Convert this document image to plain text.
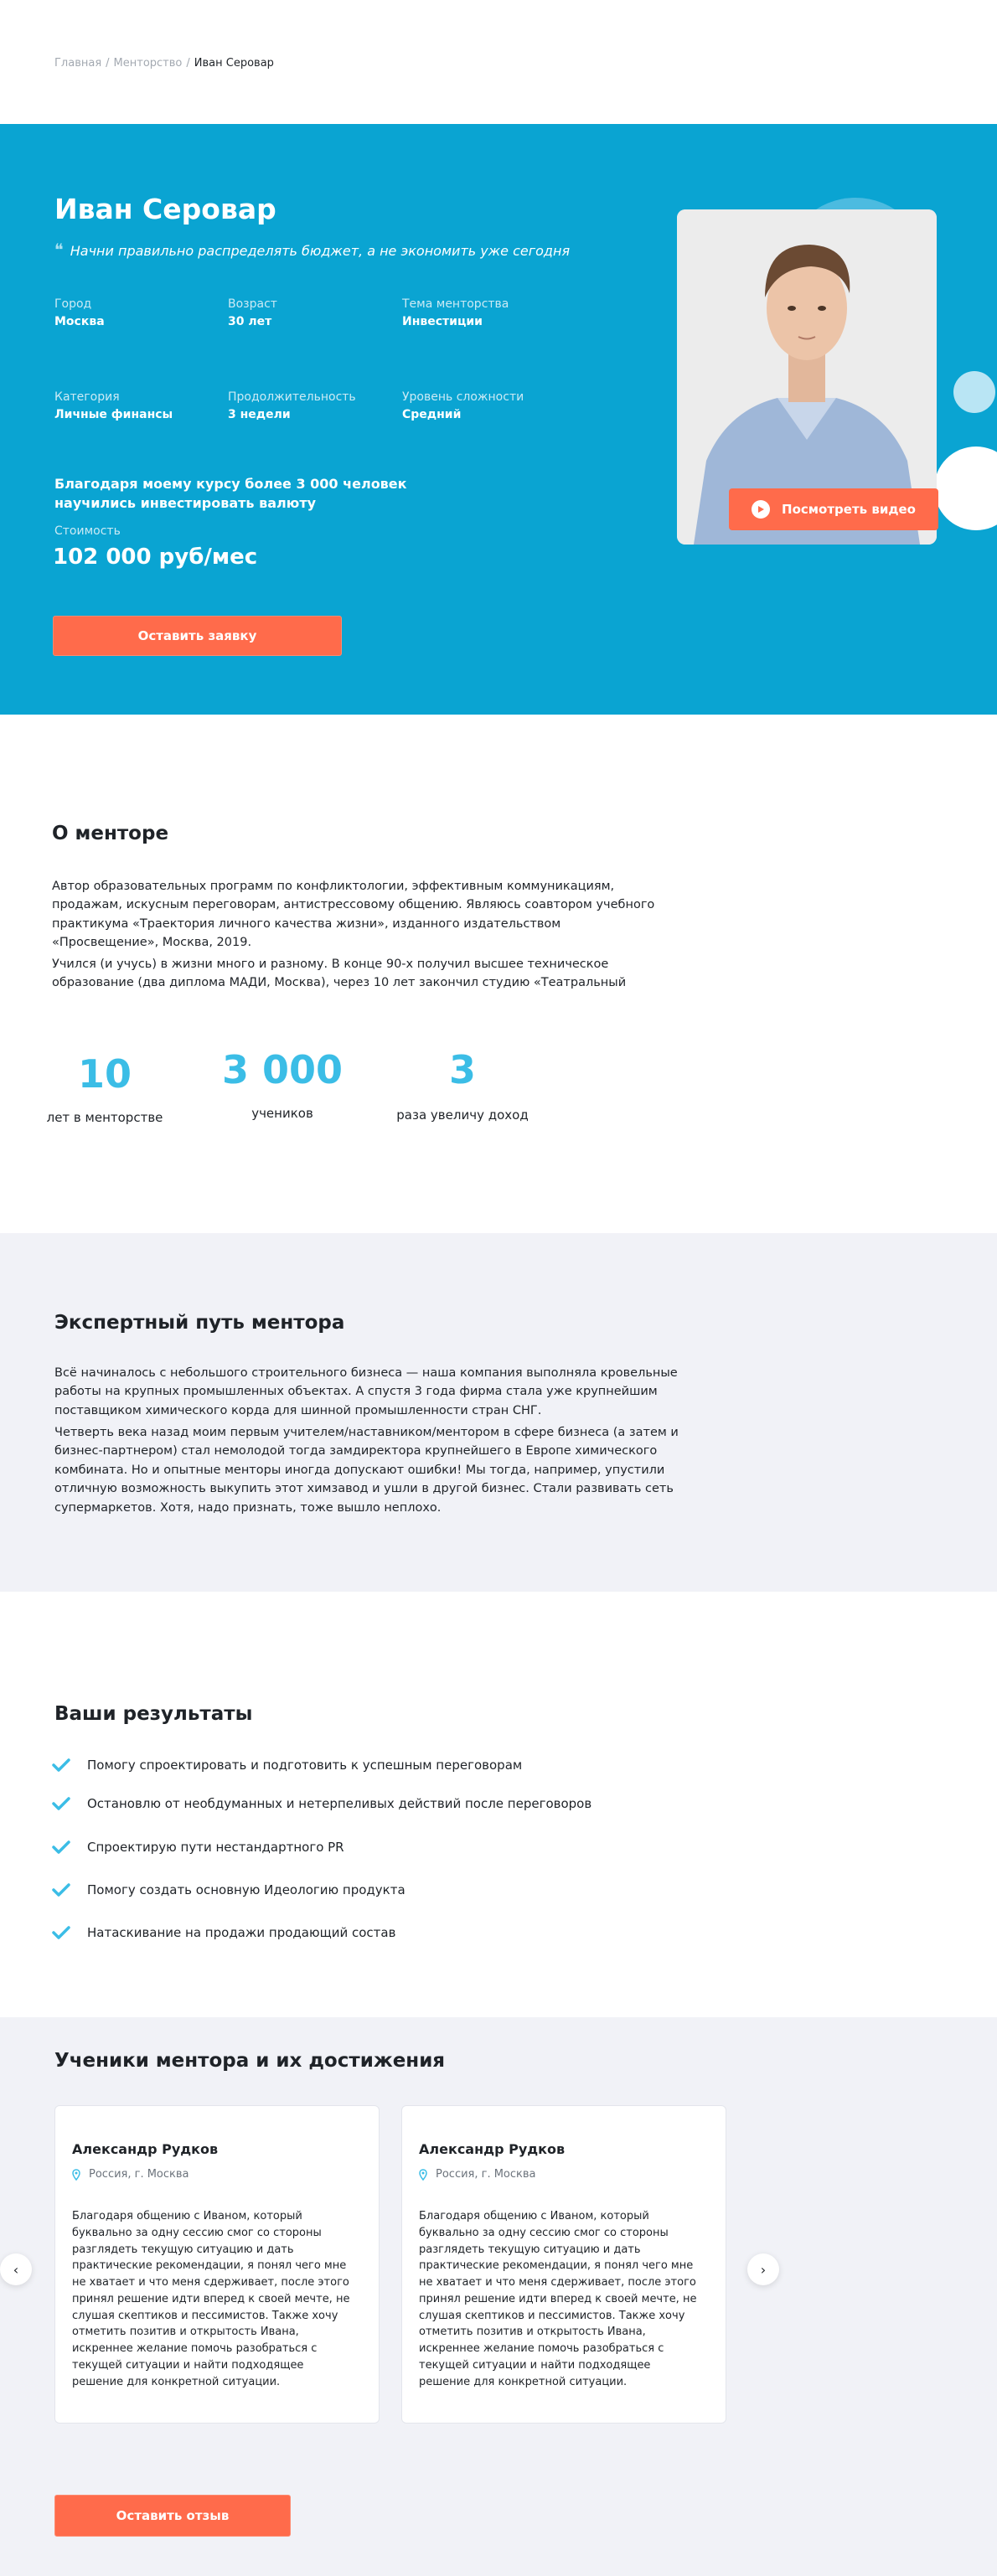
Главная / Менторство / Иван Серовар
Иван Серовар
❝ Начни правильно распределять бюджет, а не экономить уже сегодня
Город
Москва
Возраст
30 лет
Тема менторства
Инвестиции
Категория
Личные финансы
Продолжительность
3 недели
Уровень сложности
Средний
Благодаря моему курсу более 3 000 человек научились инвестировать валюту
Стоимость
102 000 руб/мес
Оставить заявку
Посмотреть видео
О менторе
Автор образовательных программ по конфликтологии, эффективным коммуникациям, продажам, искусным переговорам, антистрессовому общению. Являюсь соавтором учебного практикума «Траектория личного качества жизни», изданного издательством «Просвещение», Москва, 2019.
Учился (и учусь) в жизни много и разному. В конце 90-х получил высшее техническое образование (два диплома МАДИ, Москва), через 10 лет закончил студию «Театральный
10
лет в менторстве
3 000
учеников
3
раза увеличу доход
Экспертный путь ментора
Всё начиналось с небольшого строительного бизнеса — наша компания выполняла кровельные работы на крупных промышленных объектах. А спустя 3 года фирма стала уже крупнейшим поставщиком химического корда для шинной промышленности стран СНГ.
Четверть века назад моим первым учителем/наставником/ментором в сфере бизнеса (а затем и бизнес-партнером) стал немолодой тогда замдиректора крупнейшего в Европе химического комбината. Но и опытные менторы иногда допускают ошибки! Мы тогда, например, упустили отличную возможность выкупить этот химзавод и ушли в другой бизнес. Стали развивать сеть супермаркетов. Хотя, надо признать, тоже вышло неплохо.
Ваши результаты
Помогу спроектировать и подготовить к успешным переговорам
Остановлю от необдуманных и нетерпеливых действий после переговоров
Спроектирую пути нестандартного PR
Помогу создать основную Идеологию продукта
Натаскивание на продажи продающий состав
Ученики ментора и их достижения
Александр Рудков
Россия, г. Москва
Благодаря общению с Иваном, который буквально за одну сессию смог со стороны разглядеть текущую ситуацию и дать практические рекомендации, я понял чего мне не хватает и что меня сдерживает, после этого принял решение идти вперед к своей мечте, не слушая скептиков и пессимистов. Также хочу отметить позитив и открытость Ивана, искреннее желание помочь разобраться с текущей ситуации и найти подходящее решение для конкретной ситуации.
Александр Рудков
Россия, г. Москва
Благодаря общению с Иваном, который буквально за одну сессию смог со стороны разглядеть текущую ситуацию и дать практические рекомендации, я понял чего мне не хватает и что меня сдерживает, после этого принял решение идти вперед к своей мечте, не слушая скептиков и пессимистов. Также хочу отметить позитив и открытость Ивана, искреннее желание помочь разобраться с текущей ситуации и найти подходящее решение для конкретной ситуации.
‹	›
Оставить отзыв
